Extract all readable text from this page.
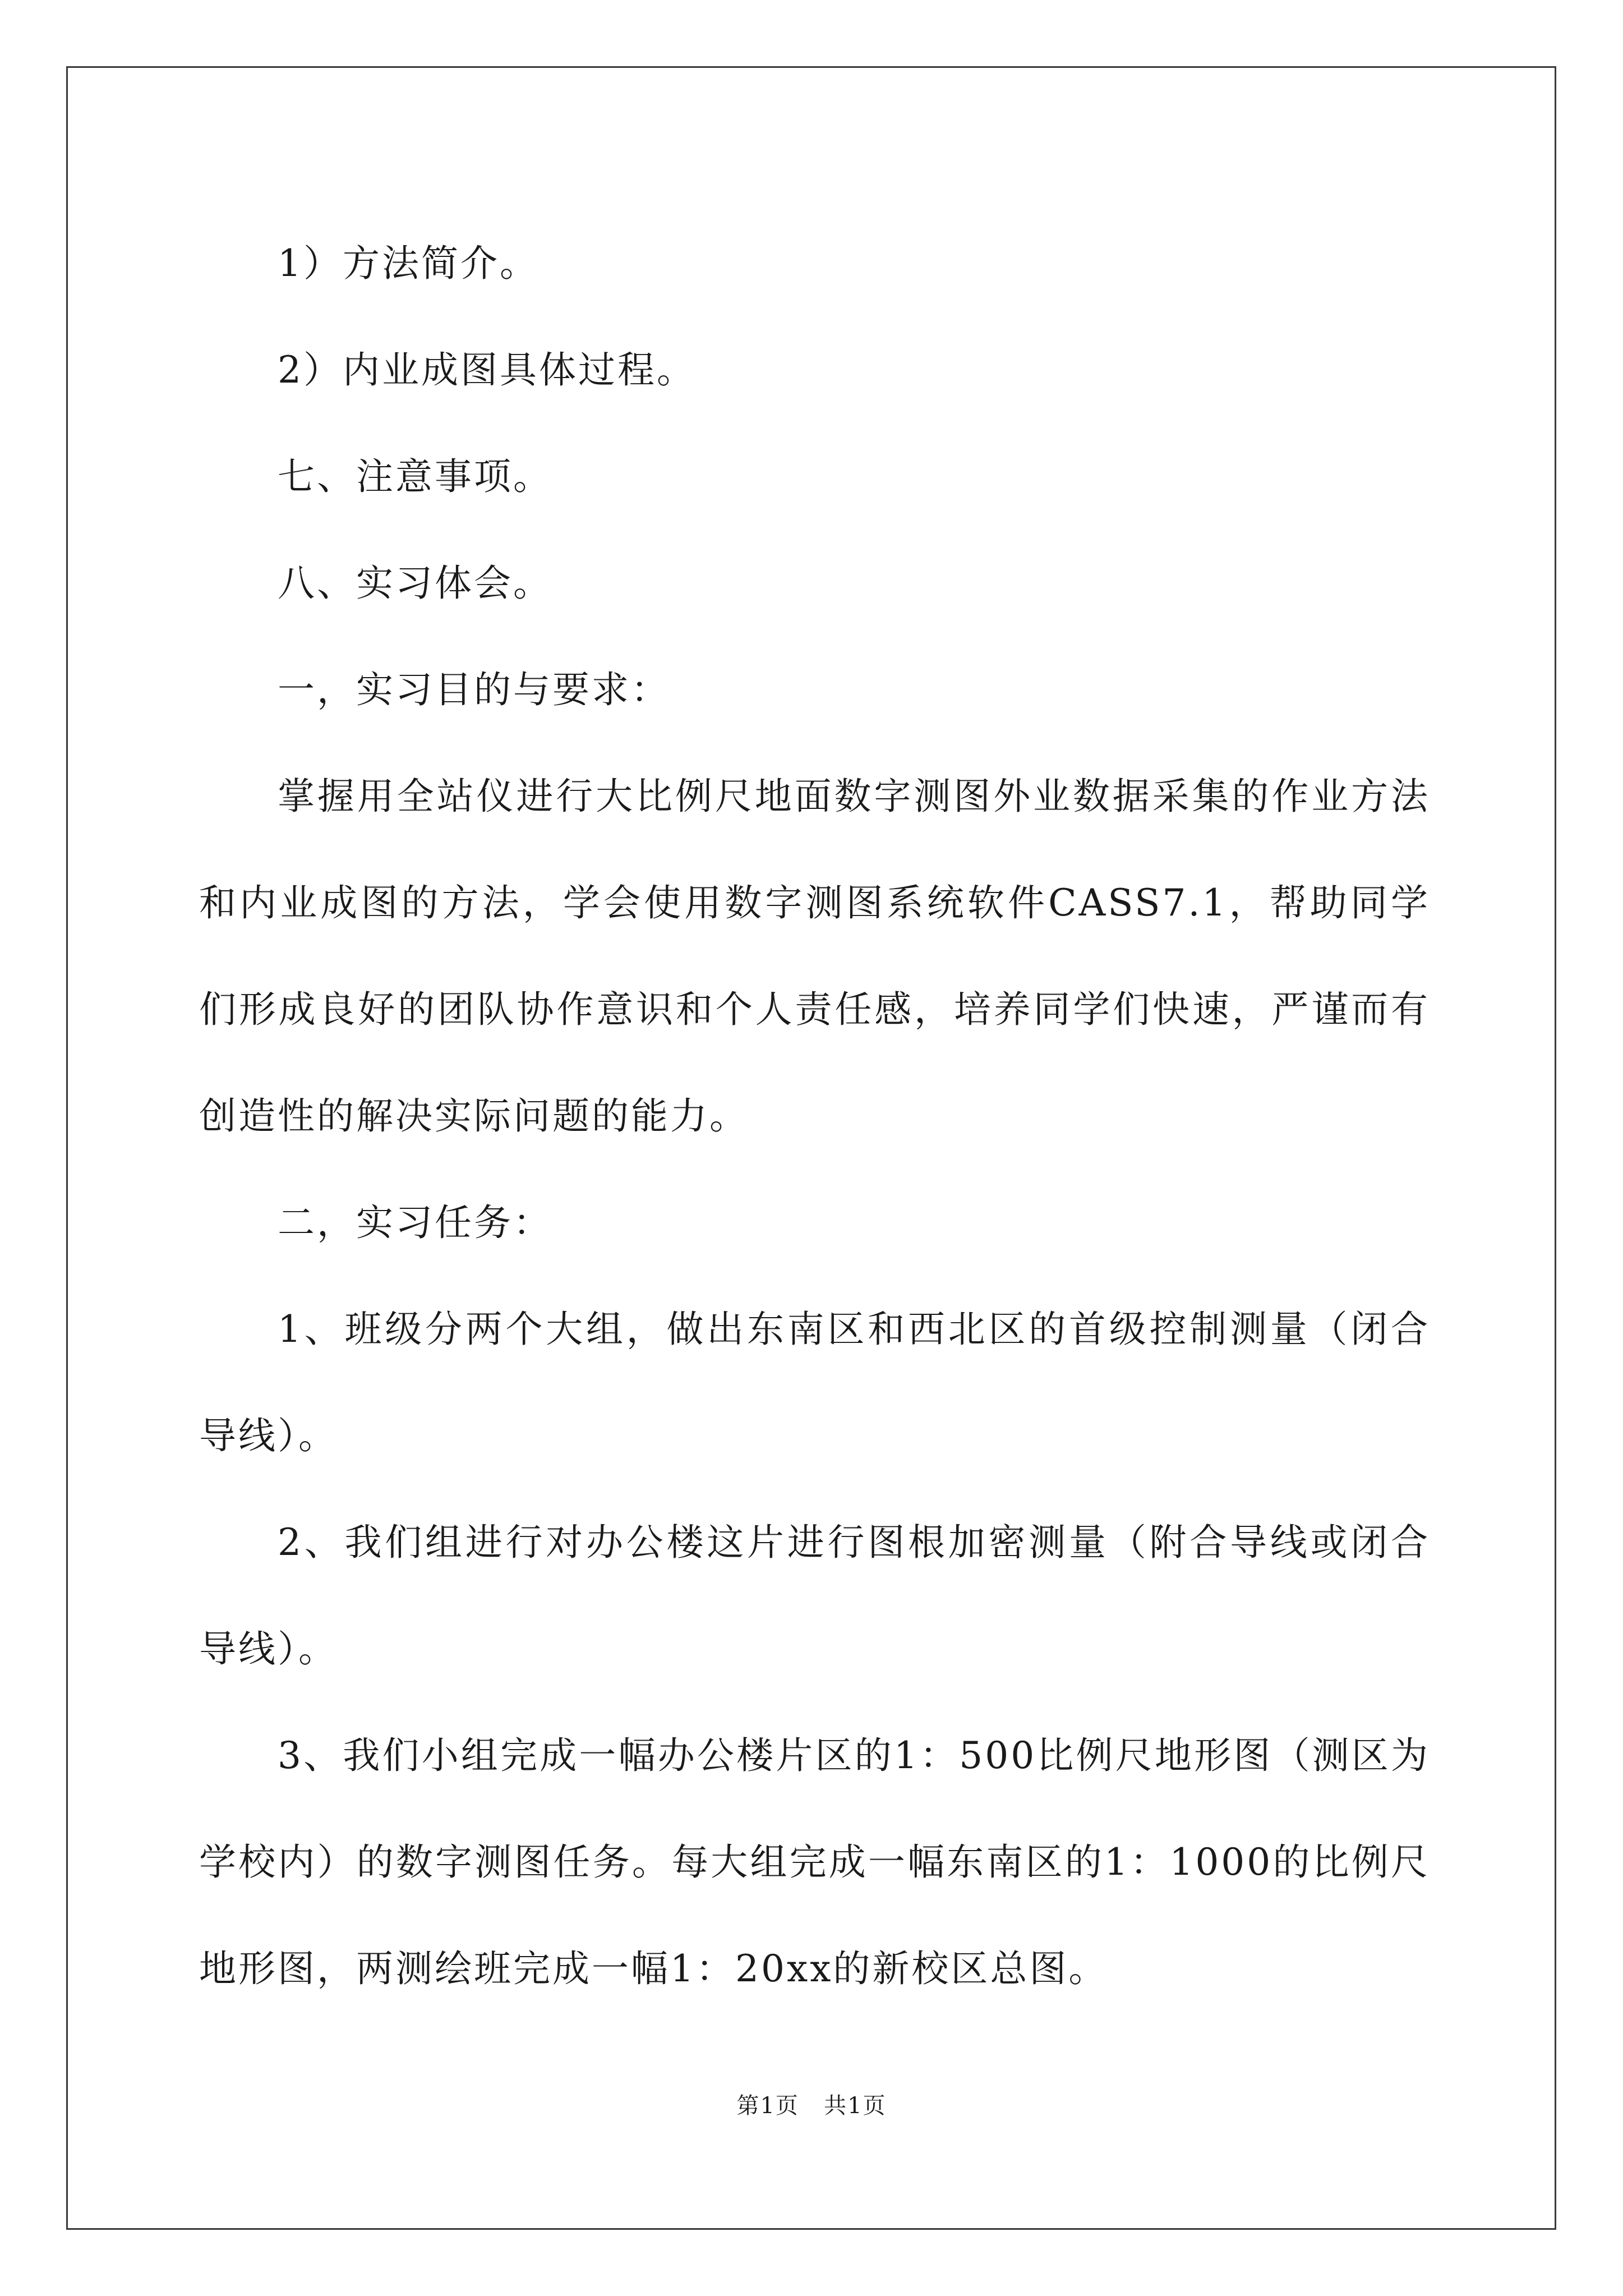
1）方法简介。

2）内业成图具体过程。

七、注意事项。

八、实习体会。

一，实习目的与要求：

掌握用全站仪进行大比例尺地面数字测图外业数据采集的作业方法和内业成图的方法，学会使用数字测图系统软件CASS7.1，帮助同学们形成良好的团队协作意识和个人责任感，培养同学们快速，严谨而有创造性的解决实际问题的能力。

二，实习任务：

1、班级分两个大组，做出东南区和西北区的首级控制测量（闭合导线）。

2、我们组进行对办公楼这片进行图根加密测量（附合导线或闭合导线）。

3、我们小组完成一幅办公楼片区的1：500比例尺地形图（测区为学校内）的数字测图任务。每大组完成一幅东南区的1：1000的比例尺地形图，两测绘班完成一幅1：20xx的新校区总图。

第1页 共1页
